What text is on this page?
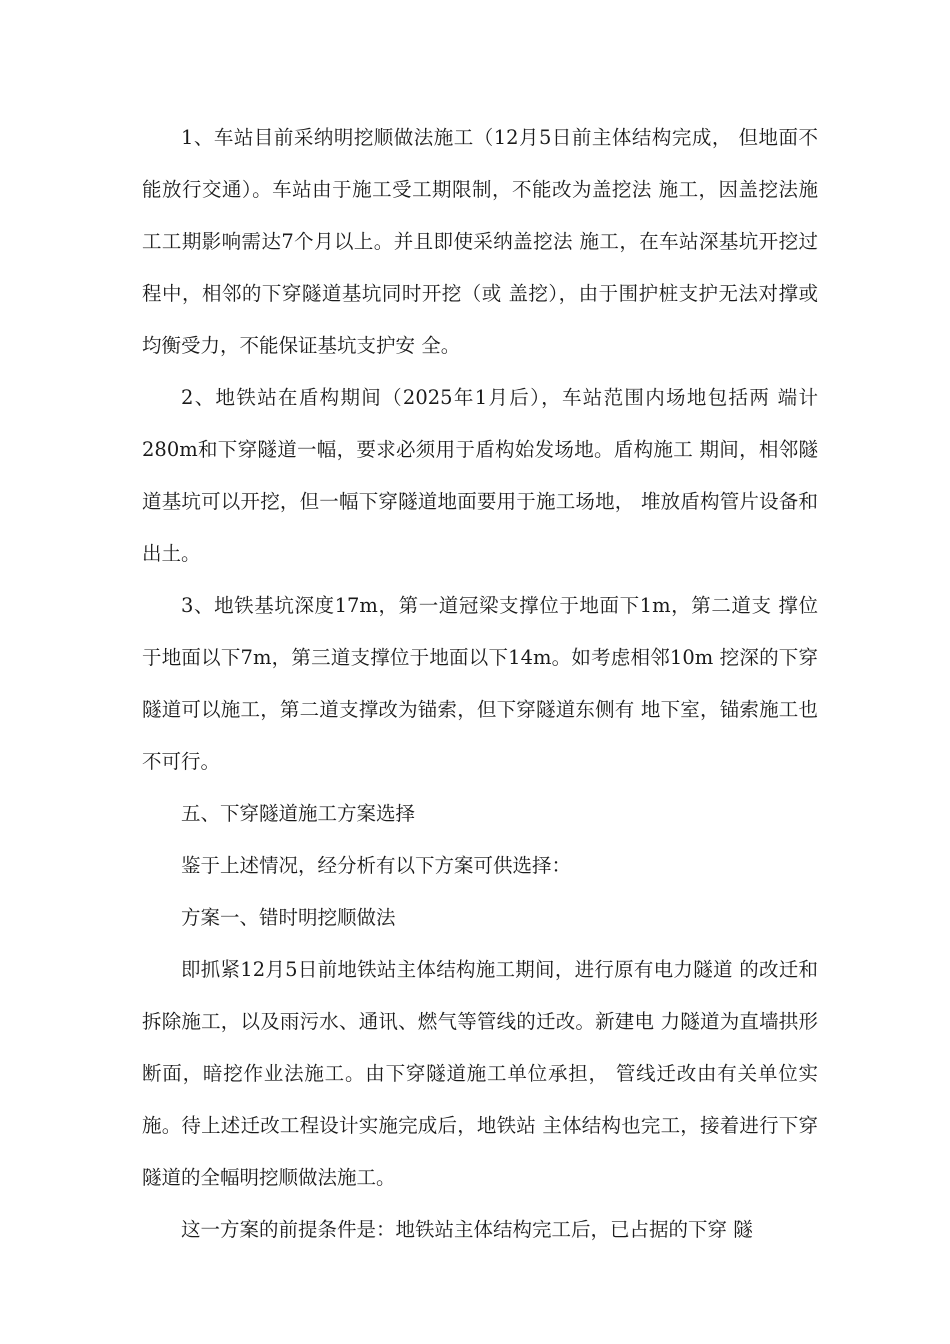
1、车站目前采纳明挖顺做法施工（12月5日前主体结构完成， 但地面不能放行交通）。车站由于施工受工期限制，不能改为盖挖法 施工，因盖挖法施工工期影响需达7个月以上。并且即使采纳盖挖法 施工，在车站深基坑开挖过程中，相邻的下穿隧道基坑同时开挖（或 盖挖），由于围护桩支护无法对撑或均衡受力，不能保证基坑支护安 全。

2、地铁站在盾构期间（2025年1月后），车站范围内场地包括两 端计280m和下穿隧道一幅，要求必须用于盾构始发场地。盾构施工 期间，相邻隧道基坑可以开挖，但一幅下穿隧道地面要用于施工场地， 堆放盾构管片设备和出土。

3、地铁基坑深度17m，第一道冠梁支撑位于地面下1m，第二道支 撑位于地面以下7m，第三道支撑位于地面以下14m。如考虑相邻10m 挖深的下穿隧道可以施工，第二道支撑改为锚索，但下穿隧道东侧有 地下室，锚索施工也不可行。

五、下穿隧道施工方案选择

鉴于上述情况，经分析有以下方案可供选择：

方案一、错时明挖顺做法

即抓紧12月5日前地铁站主体结构施工期间，进行原有电力隧道 的改迁和拆除施工，以及雨污水、通讯、燃气等管线的迁改。新建电 力隧道为直墙拱形断面，暗挖作业法施工。由下穿隧道施工单位承担， 管线迁改由有关单位实施。待上述迁改工程设计实施完成后，地铁站 主体结构也完工，接着进行下穿隧道的全幅明挖顺做法施工。

这一方案的前提条件是：地铁站主体结构完工后，已占据的下穿 隧
